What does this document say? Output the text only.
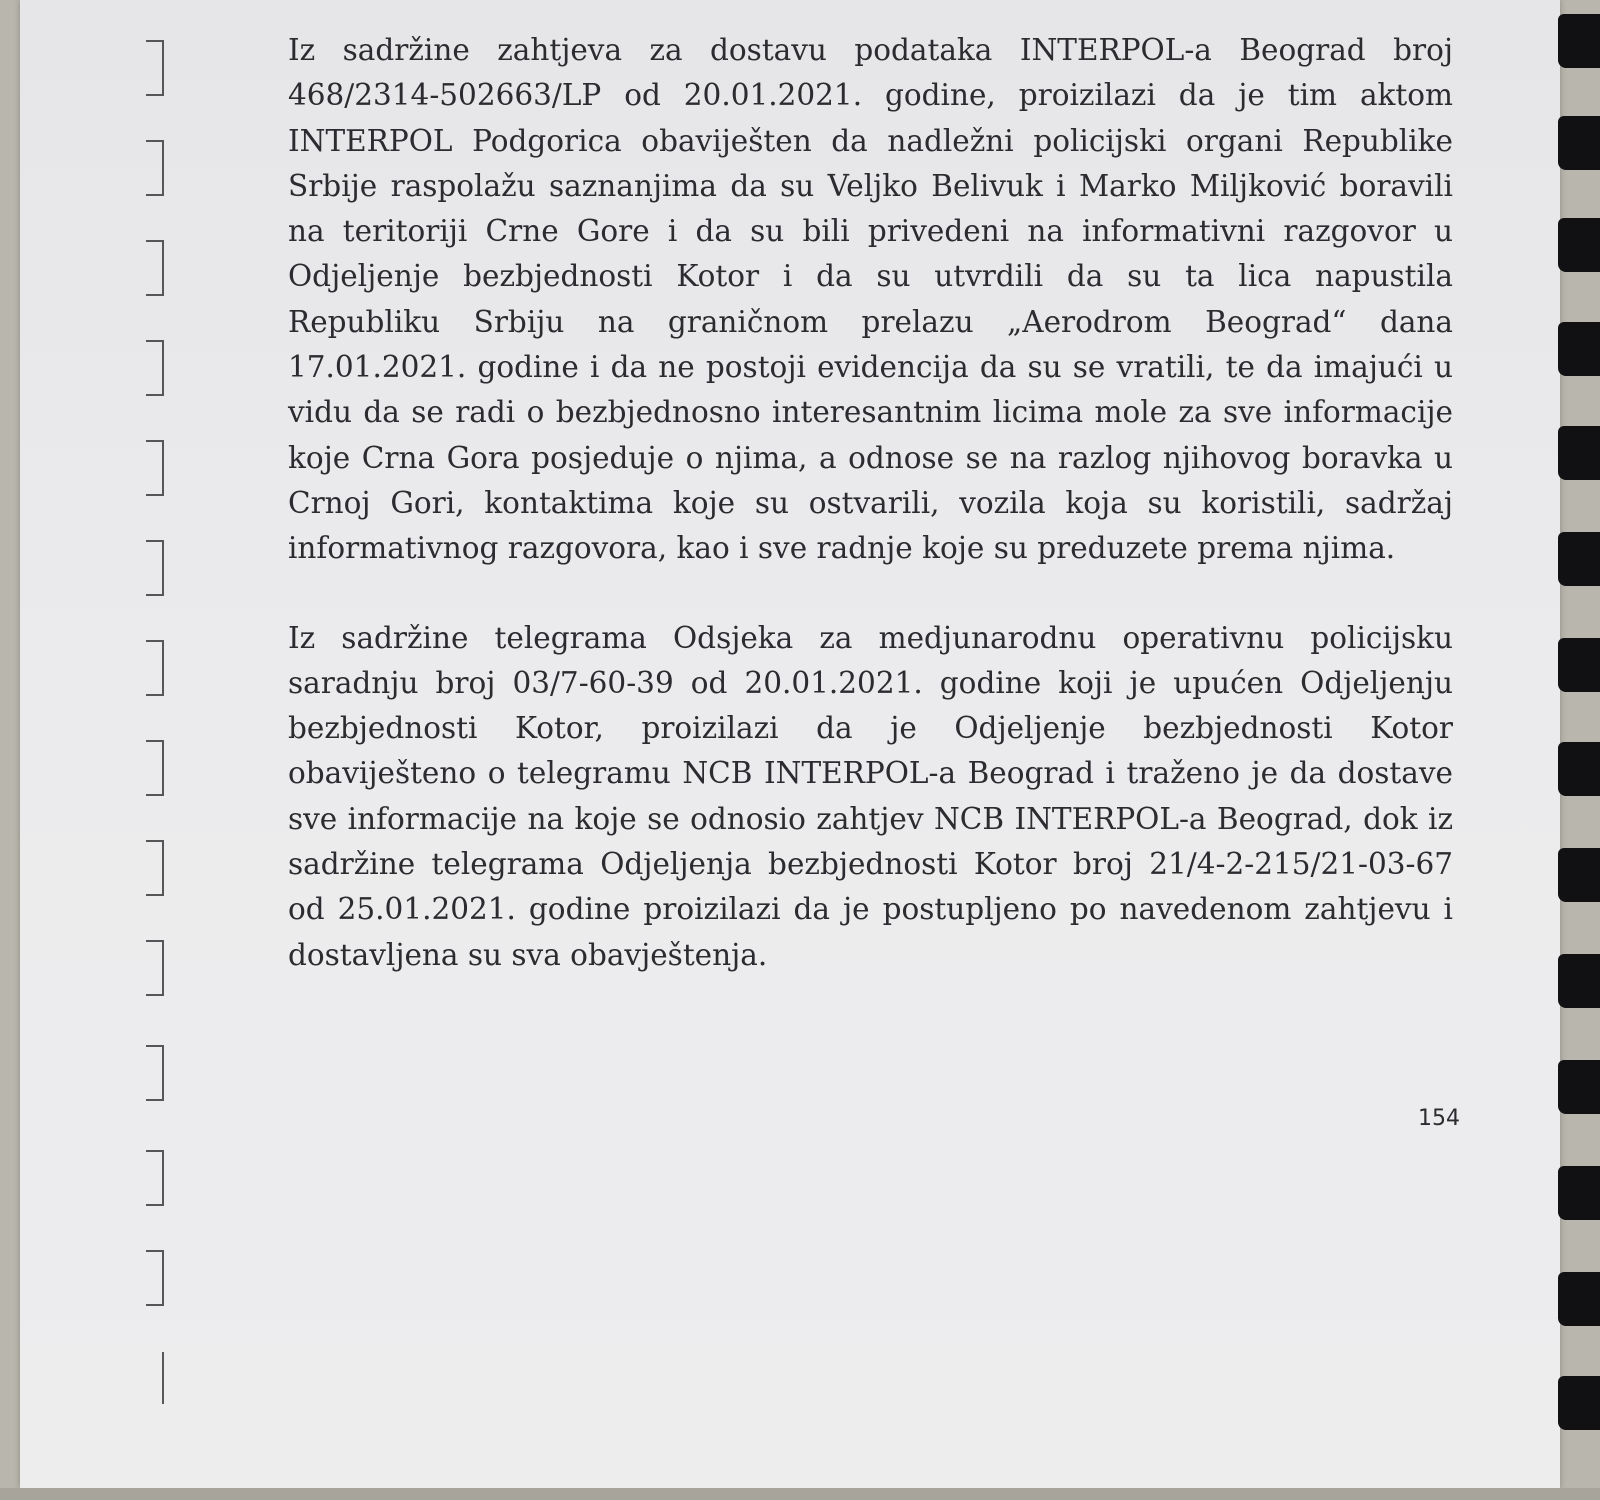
Iz sadržine zahtjeva za dostavu podataka INTERPOL-a Beograd broj 468/2314-502663/LP od 20.01.2021. godine, proizilazi da je tim aktom INTERPOL Podgorica obaviješten da nadležni policijski organi Republike Srbije raspolažu saznanjima da su Veljko Belivuk i Marko Miljković boravili na teritoriji Crne Gore i da su bili privedeni na informativni razgovor u Odjeljenje bezbjednosti Kotor i da su utvrdili da su ta lica napustila Republiku Srbiju na graničnom prelazu „Aerodrom Beograd“ dana 17.01.2021. godine i da ne postoji evidencija da su se vratili, te da imajući u vidu da se radi o bezbjednosno interesantnim licima mole za sve informacije koje Crna Gora posjeduje o njima, a odnose se na razlog njihovog boravka u Crnoj Gori, kontaktima koje su ostvarili, vozila koja su koristili, sadržaj informativnog razgovora, kao i sve radnje koje su preduzete prema njima.

Iz sadržine telegrama Odsjeka za medjunarodnu operativnu policijsku saradnju broj 03/7-60-39 od 20.01.2021. godine koji je upućen Odjeljenju bezbjednosti Kotor, proizilazi da je Odjeljenje bezbjednosti Kotor obaviješteno o telegramu NCB INTERPOL-a Beograd i traženo je da dostave sve informacije na koje se odnosio zahtjev NCB INTERPOL-a Beograd, dok iz sadržine telegrama Odjeljenja bezbjednosti Kotor broj 21/4-2-215/21-03-67 od 25.01.2021. godine proizilazi da je postupljeno po navedenom zahtjevu i dostavljena su sva obavještenja.

154
